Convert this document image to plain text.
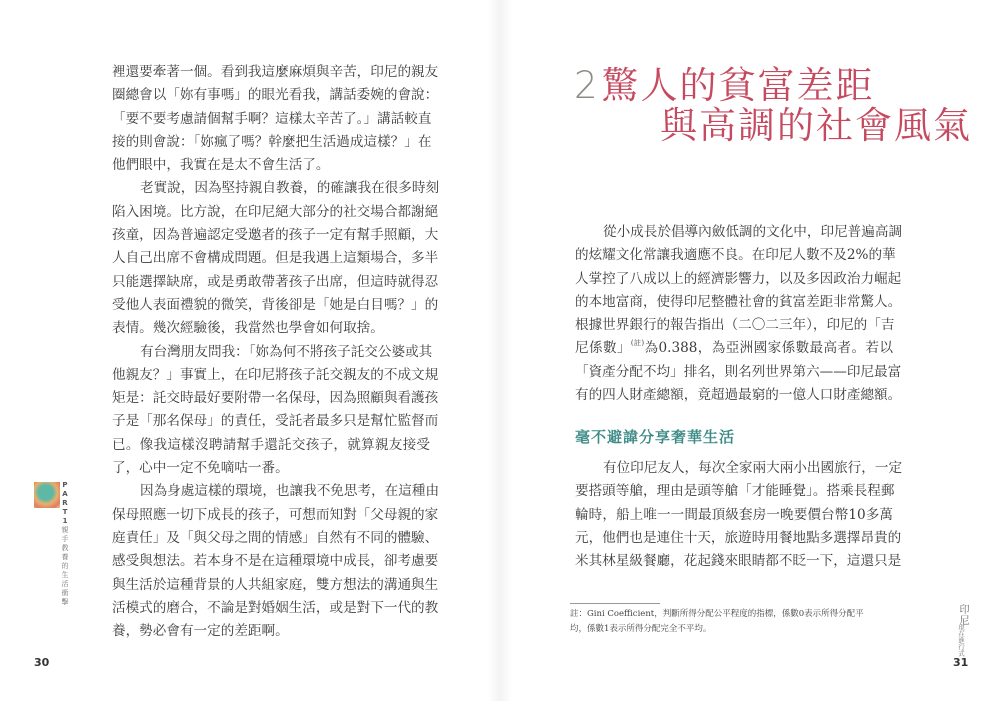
PART1
親手教養的生活衝擊
裡還要牽著一個。看到我這麼麻煩與辛苦，印尼的親友
圈總會以「妳有事嗎」的眼光看我，講話委婉的會說：
「要不要考慮請個幫手啊？這樣太辛苦了。」講話較直
接的則會說：「妳瘋了嗎？幹麼把生活過成這樣？」在
他們眼中，我實在是太不會生活了。
老實說，因為堅持親自教養，的確讓我在很多時刻
陷入困境。比方說，在印尼絕大部分的社交場合都謝絕
孩童，因為普遍認定受邀者的孩子一定有幫手照顧，大
人自己出席不會構成問題。但是我遇上這類場合，多半
只能選擇缺席，或是勇敢帶著孩子出席，但這時就得忍
受他人表面禮貌的微笑，背後卻是「她是白目嗎？」的
表情。幾次經驗後，我當然也學會如何取捨。
有台灣朋友問我：「妳為何不將孩子託交公婆或其
他親友？」事實上，在印尼將孩子託交親友的不成文規
矩是：託交時最好要附帶一名保母，因為照顧與看護孩
子是「那名保母」的責任，受託者最多只是幫忙監督而
已。像我這樣沒聘請幫手還託交孩子，就算親友接受
了，心中一定不免嘀咕一番。
因為身處這樣的環境，也讓我不免思考，在這種由
保母照應一切下成長的孩子，可想而知對「父母親的家
庭責任」及「與父母之間的情感」自然有不同的體驗、
感受與想法。若本身不是在這種環境中成長，卻考慮要
與生活於這種背景的人共組家庭，雙方想法的溝通與生
活模式的磨合，不論是對婚姻生活，或是對下一代的教
養，勢必會有一定的差距啊。
30
2驚人的貧富差距
與高調的社會風氣
從小成長於倡導內斂低調的文化中，印尼普遍高調
的炫耀文化常讓我適應不良。在印尼人數不及2%的華
人掌控了八成以上的經濟影響力，以及多因政治力崛起
的本地富商，使得印尼整體社會的貧富差距非常驚人。
根據世界銀行的報告指出（二〇二三年），印尼的「吉
尼係數」$^{(註)}$為0.388，為亞洲國家係數最高者。若以
「資產分配不均」排名，則名列世界第六——印尼最富
有的四人財產總額，竟超過最窮的一億人口財產總額。
毫不避諱分享奢華生活
有位印尼友人，每次全家兩大兩小出國旅行，一定
要搭頭等艙，理由是頭等艙「才能睡覺」。搭乘長程郵
輪時，船上唯一一間最頂級套房一晚要價台幣10多萬
元，他們也是連住十天，旅遊時用餐地點多選擇昂貴的
米其林星級餐廳，花起錢來眼睛都不眨一下，這還只是
註：Gini Coefficient，判斷所得分配公平程度的指標，係數0表示所得分配平
均，係數1表示所得分配完全不平均。
印尼
現在進行式
31
